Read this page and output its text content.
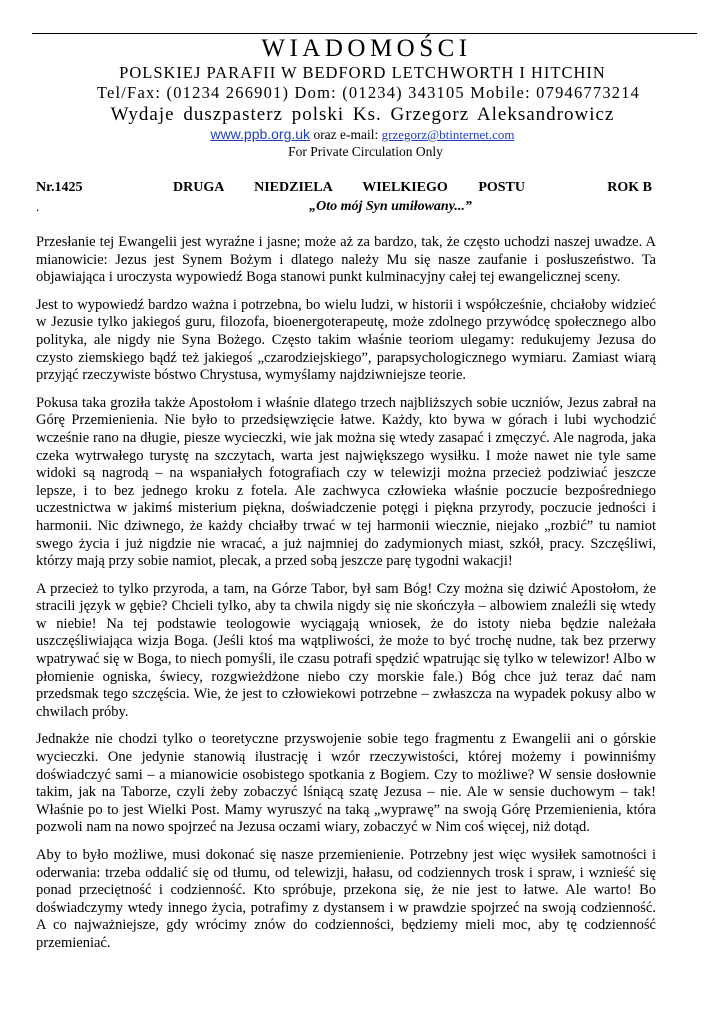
WIADOMOŚCI
POLSKIEJ PARAFII W BEDFORD LETCHWORTH I HITCHIN
Tel/Fax: (01234 266901) Dom: (01234) 343105 Mobile: 07946773214
Wydaje duszpasterz polski Ks. Grzegorz Aleksandrowicz
www.ppb.org.uk oraz e-mail: grzegorz@btinternet.com
For Private Circulation Only
Nr.1425	DRUGA NIEDZIELA WIELKIEGO POSTU	ROK B
.	„Oto mój Syn umiłowany...”

Przesłanie tej Ewangelii jest wyraźne i jasne; może aż za bardzo, tak, że często uchodzi naszej uwadze. A mianowicie: Jezus jest Synem Bożym i dlatego należy Mu się nasze zaufanie i posłuszeństwo. Ta objawiająca i uroczysta wypowiedź Boga stanowi punkt kulminacyjny całej tej ewangelicznej sceny.

Jest to wypowiedź bardzo ważna i potrzebna, bo wielu ludzi, w historii i współcześnie, chciałoby widzieć w Jezusie tylko jakiegoś guru, filozofa, bioenergoterapeutę, może zdolnego przywódcę społecznego albo polityka, ale nigdy nie Syna Bożego. Często takim właśnie teoriom ulegamy: redukujemy Jezusa do czysto ziemskiego bądź też jakiegoś „czarodziejskiego”, parapsychologicznego wymiaru. Zamiast wiarą przyjąć rzeczywiste bóstwo Chrystusa, wymyślamy najdziwniejsze teorie.

Pokusa taka groziła także Apostołom i właśnie dlatego trzech najbliższych sobie uczniów, Jezus zabrał na Górę Przemienienia. Nie było to przedsięwzięcie łatwe. Każdy, kto bywa w górach i lubi wychodzić wcześnie rano na długie, piesze wycieczki, wie jak można się wtedy zasapać i zmęczyć. Ale nagroda, jaka czeka wytrwałego turystę na szczytach, warta jest największego wysiłku. I może nawet nie tyle same widoki są nagrodą – na wspaniałych fotografiach czy w telewizji można przecież podziwiać jeszcze lepsze, i to bez jednego kroku z fotela. Ale zachwyca człowieka właśnie poczucie bezpośredniego uczestnictwa w jakimś misterium piękna, doświadczenie potęgi i piękna przyrody, poczucie jedności i harmonii. Nic dziwnego, że każdy chciałby trwać w tej harmonii wiecznie, niejako „rozbić” tu namiot swego życia i już nigdzie nie wracać, a już najmniej do zadymionych miast, szkół, pracy. Szczęśliwi, którzy mają przy sobie namiot, plecak, a przed sobą jeszcze parę tygodni wakacji!

A przecież to tylko przyroda, a tam, na Górze Tabor, był sam Bóg! Czy można się dziwić Apostołom, że stracili język w gębie? Chcieli tylko, aby ta chwila nigdy się nie skończyła – albowiem znaleźli się wtedy w niebie! Na tej podstawie teologowie wyciągają wniosek, że do istoty nieba będzie należała uszczęśliwiająca wizja Boga. (Jeśli ktoś ma wątpliwości, że może to być trochę nudne, tak bez przerwy wpatrywać się w Boga, to niech pomyśli, ile czasu potrafi spędzić wpatrując się tylko w telewizor! Albo w płomienie ogniska, świecy, rozgwieżdżone niebo czy morskie fale.) Bóg chce już teraz dać nam przedsmak tego szczęścia. Wie, że jest to człowiekowi potrzebne – zwłaszcza na wypadek pokusy albo w chwilach próby.

Jednakże nie chodzi tylko o teoretyczne przyswojenie sobie tego fragmentu z Ewangelii ani o górskie wycieczki. One jedynie stanowią ilustrację i wzór rzeczywistości, której możemy i powinniśmy doświadczyć sami – a mianowicie osobistego spotkania z Bogiem. Czy to możliwe? W sensie dosłownie takim, jak na Taborze, czyli żeby zobaczyć lśniącą szatę Jezusa – nie. Ale w sensie duchowym – tak! Właśnie po to jest Wielki Post. Mamy wyruszyć na taką „wyprawę” na swoją Górę Przemienienia, która pozwoli nam na nowo spojrzeć na Jezusa oczami wiary, zobaczyć w Nim coś więcej, niż dotąd.

Aby to było możliwe, musi dokonać się nasze przemienienie. Potrzebny jest więc wysiłek samotności i oderwania: trzeba oddalić się od tłumu, od telewizji, hałasu, od codziennych trosk i spraw, i wznieść się ponad przeciętność i codzienność. Kto spróbuje, przekona się, że nie jest to łatwe. Ale warto! Bo doświadczymy wtedy innego życia, potrafimy z dystansem i w prawdzie spojrzeć na swoją codzienność. A co najważniejsze, gdy wrócimy znów do codzienności, będziemy mieli moc, aby tę codzienność przemieniać.
